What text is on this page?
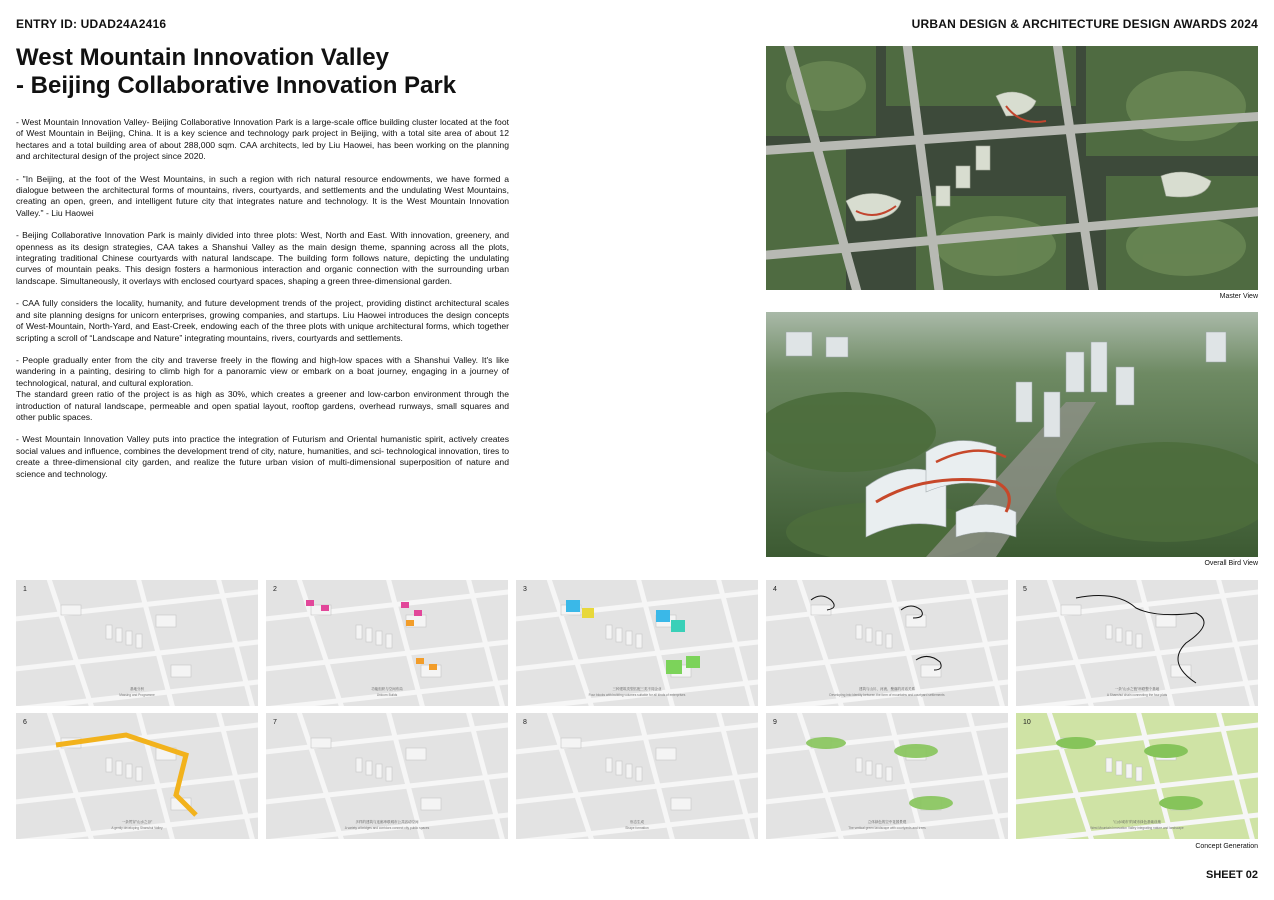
ENTRY ID: UDAD24A2416	URBAN DESIGN & ARCHITECTURE DESIGN AWARDS 2024
West Mountain Innovation Valley
- Beijing Collaborative Innovation Park

- West Mountain Innovation Valley- Beijing Collaborative Innovation Park is a large-scale office building cluster located at the foot of West Mountain in Beijing, China. It is a key science and technology park project in Beijing, with a total site area of about 12 hectares and a total building area of about 288,000 sqm. CAA architects, led by Liu Haowei, has been working on the planning and architectural design of the project since 2020.

- "In Beijing, at the foot of the West Mountains, in such a region with rich natural resource endowments, we have formed a dialogue between the architectural forms of mountains, rivers, courtyards, and settlements and the undulating West Mountains, creating an open, green, and intelligent future city that integrates nature and technology. It is the West Mountain Innovation Valley." - Liu Haowei

- Beijing Collaborative Innovation Park is mainly divided into three plots: West, North and East. With innovation, greenery, and openness as its design strategies, CAA takes a Shanshui Valley as the main design theme, spanning across all the plots, integrating traditional Chinese courtyards with natural landscape. The building form follows nature, depicting the undulating curves of mountain peaks. This design fosters a harmonious interaction and organic connection with the surrounding urban landscape. Simultaneously, it overlays with enclosed courtyard spaces, shaping a green three-dimensional garden.

- CAA fully considers the locality, humanity, and future development trends of the project, providing distinct architectural scales and site planning designs for unicorn enterprises, growing companies, and startups. Liu Haowei introduces the design concepts of West-Mountain, North-Yard, and East-Creek, endowing each of the three plots with unique architectural forms, which together scripting a scroll of “Landscape and Nature” integrating mountains, rivers, courtyards and settlements.

- People gradually enter from the city and traverse freely in the flowing and high-low spaces with a Shanshui Valley. It's like wandering in a painting, desiring to climb high for a panoramic view or embark on a boat journey, engaging in a journey of technological, natural, and cultural exploration.

The standard green ratio of the project is as high as 30%, which creates a greener and low-carbon environment through the introduction of natural landscape, permeable and open spatial layout, rooftop gardens, overhead runways, small squares and other public spaces.

- West Mountain Innovation Valley puts into practice the integration of Futurism and Oriental humanistic spirit, actively creates social values and influence, combines the development trend of city, nature, humanities, and sci- technological innovation, tires to create a three-dimensional city garden, and realize the future urban vision of multi-dimensional superposition of nature and science and technology.

Master View
Overall Bird View
1
基地分析
Massing and Programme
2
功能组织与空间布局
Unicorn Builds
3
三种建筑类型匹配三类不同企业
Four blocks with building volumes suitable for all kinds of enterprises
4
建筑与山川、河流、聚落的对话关系
Developing into identity between the form of mountains and courtyard settlements
5
一条"山水之链"串联整个基地
A Shanshui chain connecting the four plots
6
一条贯穿"山水之谷"
A gently developing Shanshui Valley
7
多样的建筑与连廊串联城市公共活动空间
A variety of bridges and corridors connect city public spaces
8
形态生成
Shape formation
9
立体绿色的空中花园景观
The vertical green landscape with courtyards and trees
10
"山水城市"的城市绿色基础设施
West Mountain Innovation Valley integrating nature and landscape
Concept Generation
SHEET 02
